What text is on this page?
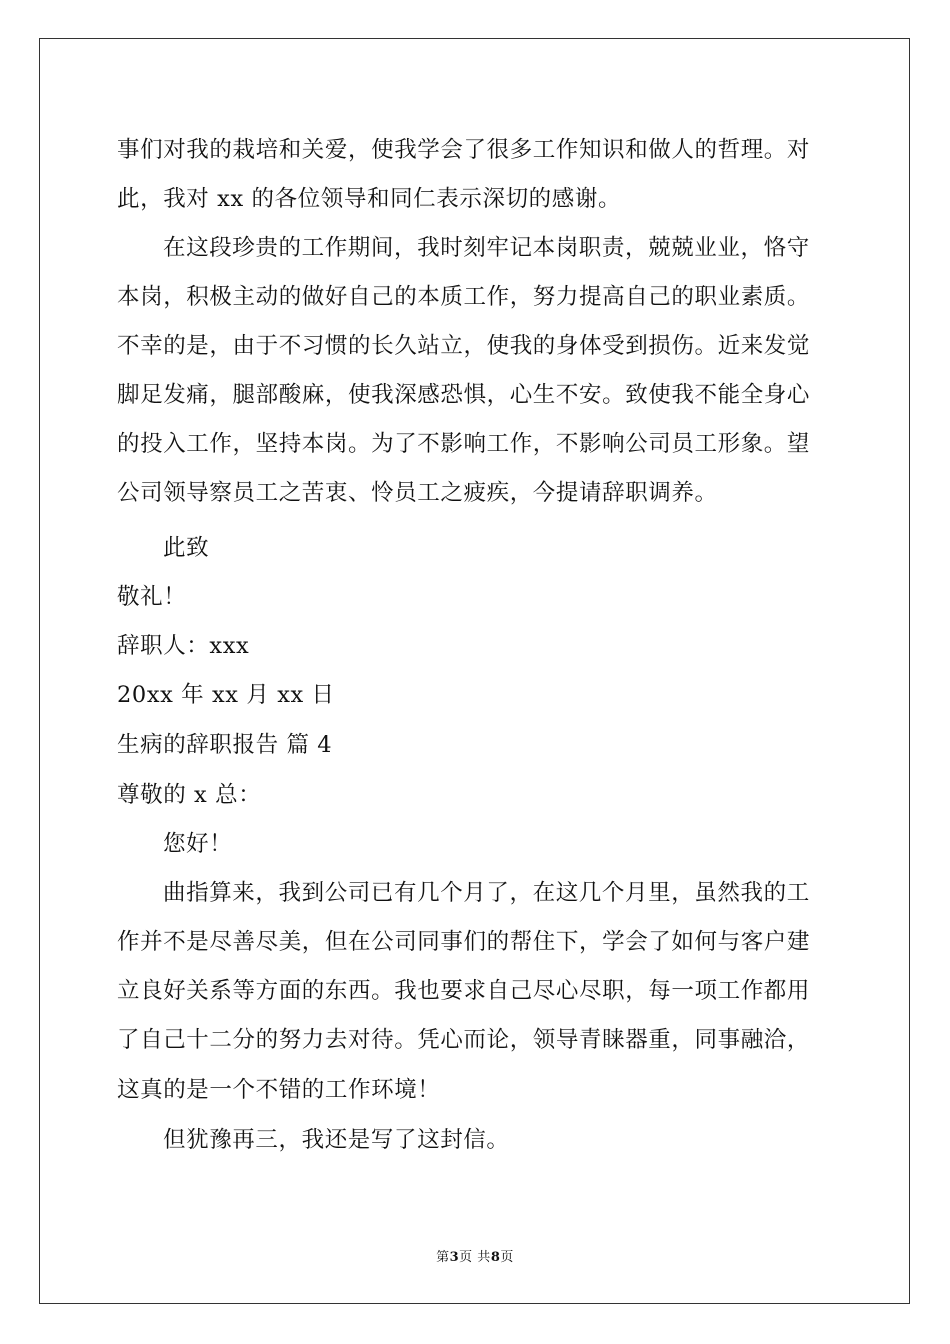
事们对我的栽培和关爱，使我学会了很多工作知识和做人的哲理。对
此，我对 xx 的各位领导和同仁表示深切的感谢。
在这段珍贵的工作期间，我时刻牢记本岗职责，兢兢业业，恪守
本岗，积极主动的做好自己的本质工作，努力提高自己的职业素质。
不幸的是，由于不习惯的长久站立，使我的身体受到损伤。近来发觉
脚足发痛，腿部酸麻，使我深感恐惧，心生不安。致使我不能全身心
的投入工作，坚持本岗。为了不影响工作，不影响公司员工形象。望
公司领导察员工之苦衷、怜员工之疲疾，今提请辞职调养。
此致
敬礼！
辞职人：xxx
20xx 年 xx 月 xx 日
生病的辞职报告 篇 4
尊敬的 x 总：
您好！
曲指算来，我到公司已有几个月了，在这几个月里，虽然我的工
作并不是尽善尽美，但在公司同事们的帮住下，学会了如何与客户建
立良好关系等方面的东西。我也要求自己尽心尽职，每一项工作都用
了自己十二分的努力去对待。凭心而论，领导青睐器重，同事融洽，
这真的是一个不错的工作环境！
但犹豫再三，我还是写了这封信。
第3页 共8页
